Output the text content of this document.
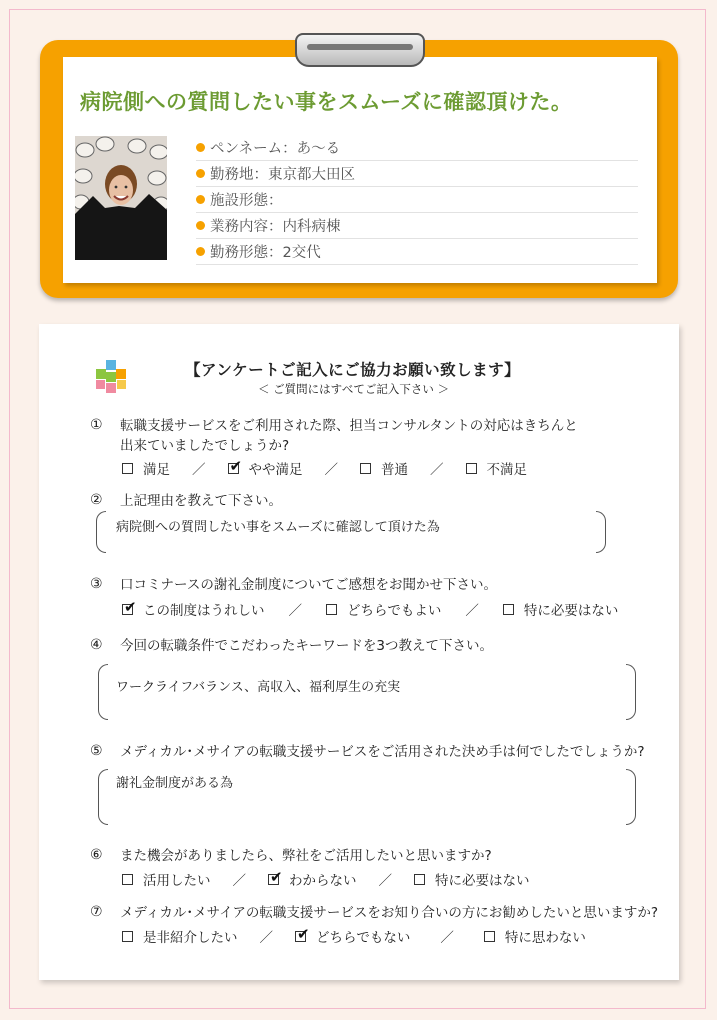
病院側への質問したい事をスムーズに確認頂けた。
ペンネーム ：	あ〜る
勤務地 ：	東京都大田区
施設形態 ：
業務内容 ：	内科病棟
勤務形態 ：	2交代
【アンケートご記入にご協力お願い致します】
＜ ご質問にはすべてご記入下さい ＞
① 転職支援サービスをご利用された際、担当コンサルタントの対応はきちんと
出来ていましたでしょうか?
満足 ／ ✔	やや満足 ／	普通 ／	不満足
② 上記理由を教えて下さい。
病院側への質問したい事をスムーズに確認して頂けた為
③ 口コミナースの謝礼金制度についてご感想をお聞かせ下さい。
✔
この制度はうれしい ／	どちらでもよい ／	特に必要はない
④ 今回の転職条件でこだわったキーワードを3つ教えて下さい。
ワークライフバランス、高収入、福利厚生の充実
⑤ メディカル･メサイアの転職支援サービスをご活用された決め手は何でしたでしょうか?
謝礼金制度がある為
⑥ また機会がありましたら、弊社をご活用したいと思いますか?
活用したい ／ ✔	わからない ／	特に必要はない
⑦ メディカル･メサイアの転職支援サービスをお知り合いの方にお勧めしたいと思いますか?
是非紹介したい ／ ✔	どちらでもない ／	特に思わない
